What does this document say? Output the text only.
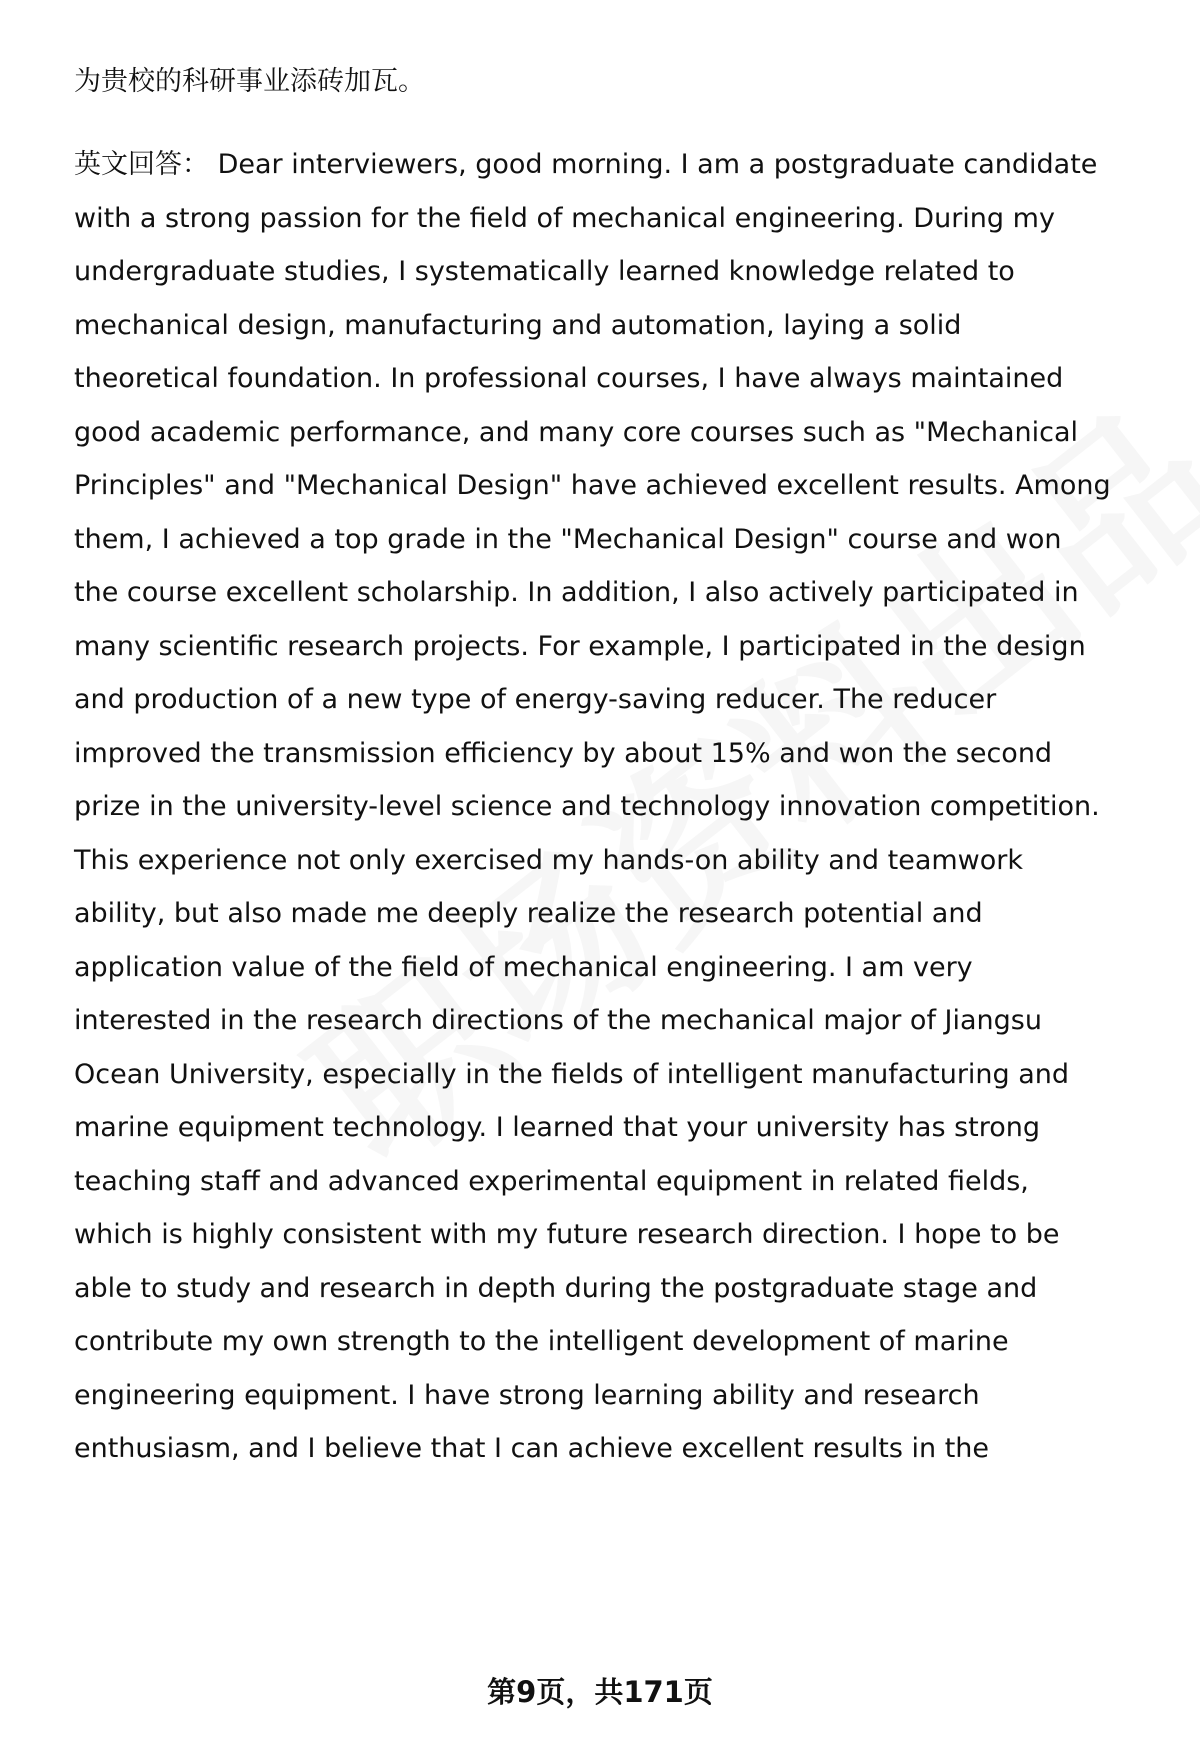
为贵校的科研事业添砖加瓦。
英文回答： Dear interviewers, good morning. I am a postgraduate candidate
with a strong passion for the field of mechanical engineering. During my
undergraduate studies, I systematically learned knowledge related to
mechanical design, manufacturing and automation, laying a solid
theoretical foundation. In professional courses, I have always maintained
good academic performance, and many core courses such as "Mechanical
Principles" and "Mechanical Design" have achieved excellent results. Among
them, I achieved a top grade in the "Mechanical Design" course and won
the course excellent scholarship. In addition, I also actively participated in
many scientific research projects. For example, I participated in the design
and production of a new type of energy-saving reducer. The reducer
improved the transmission efficiency by about 15% and won the second
prize in the university-level science and technology innovation competition.
This experience not only exercised my hands-on ability and teamwork
ability, but also made me deeply realize the research potential and
application value of the field of mechanical engineering. I am very
interested in the research directions of the mechanical major of Jiangsu
Ocean University, especially in the fields of intelligent manufacturing and
marine equipment technology. I learned that your university has strong
teaching staff and advanced experimental equipment in related fields,
which is highly consistent with my future research direction. I hope to be
able to study and research in depth during the postgraduate stage and
contribute my own strength to the intelligent development of marine
engineering equipment. I have strong learning ability and research
enthusiasm, and I believe that I can achieve excellent results in the
第9页，共171页
